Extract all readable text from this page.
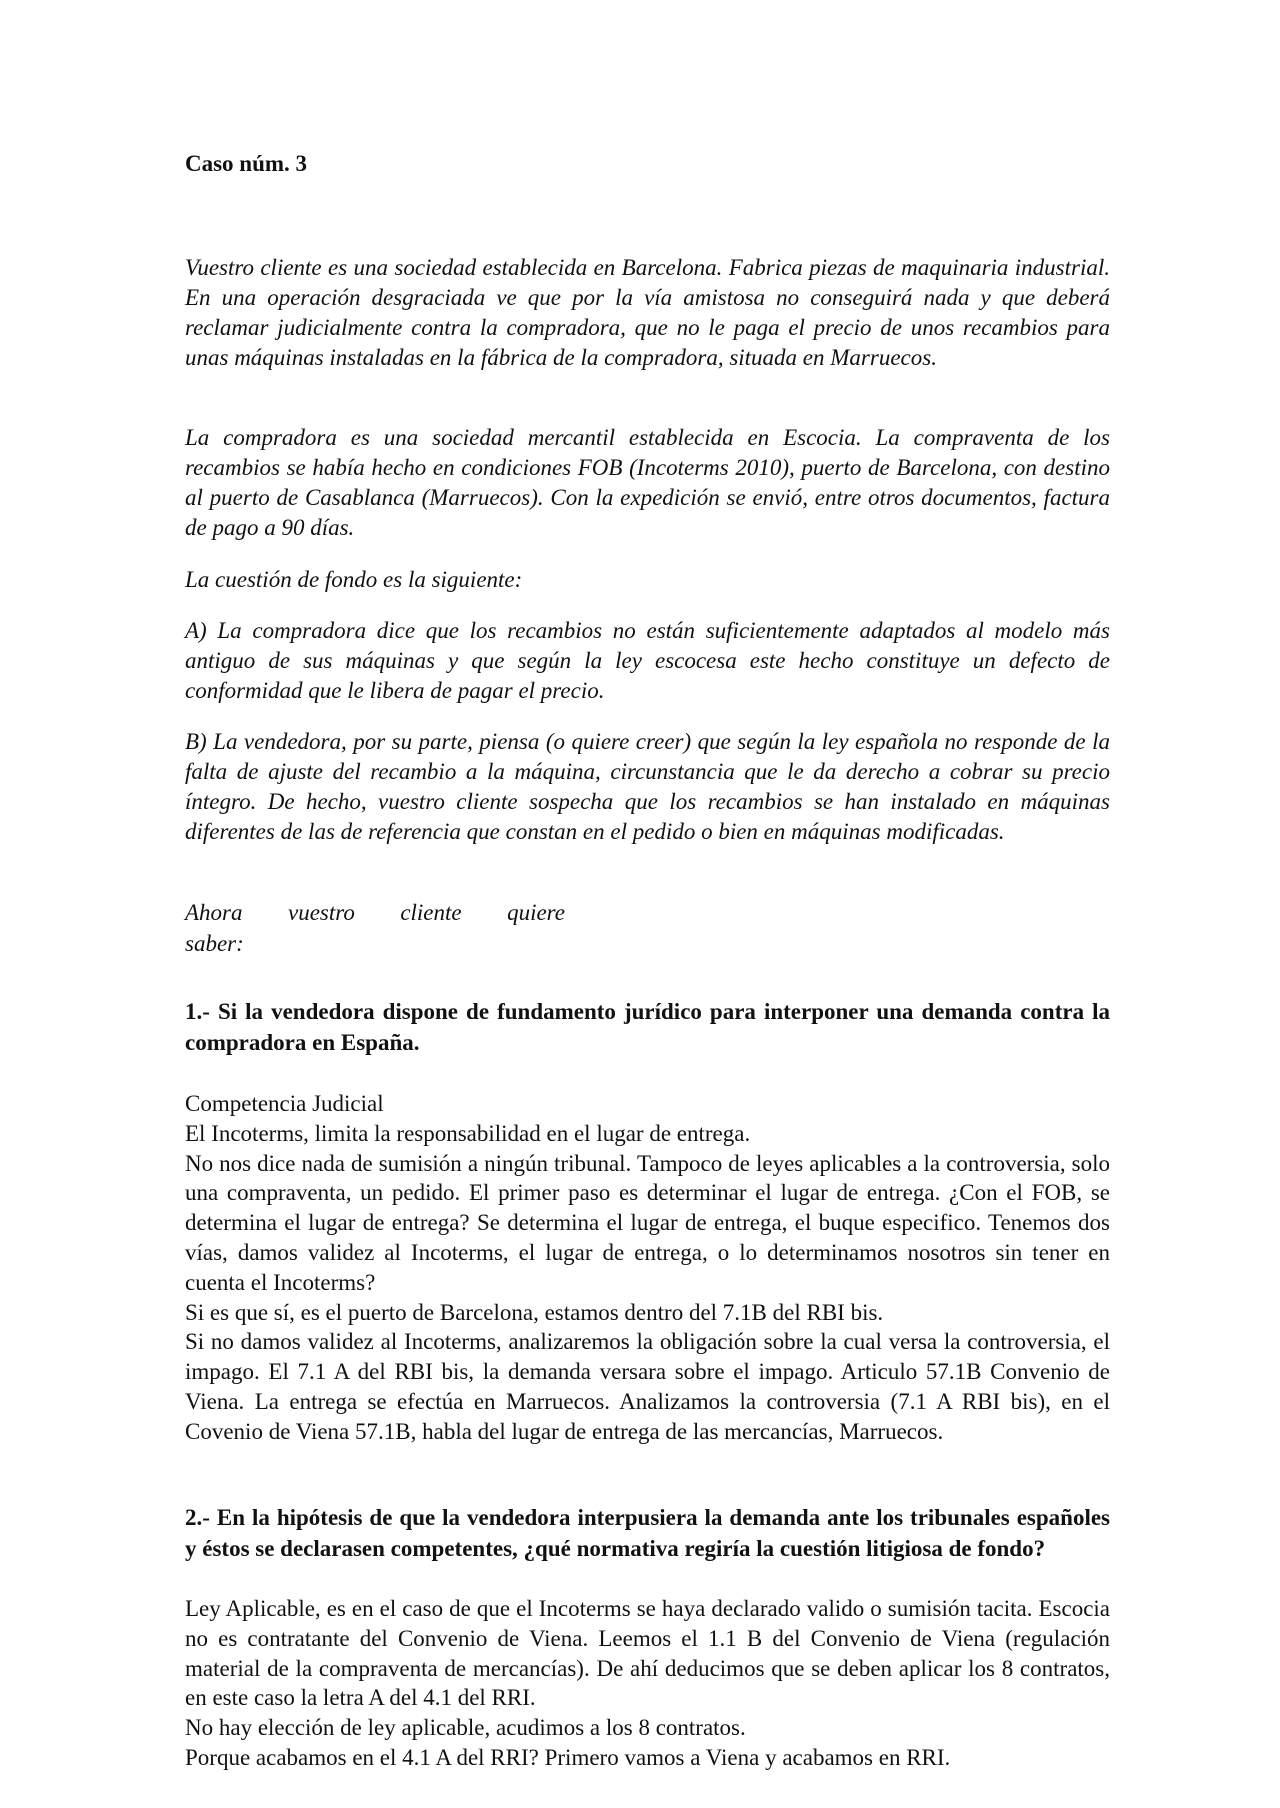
Caso núm. 3

Vuestro cliente es una sociedad establecida en Barcelona. Fabrica piezas de maquinaria industrial. En una operación desgraciada ve que por la vía amistosa no conseguirá nada y que deberá reclamar judicialmente contra la compradora, que no le paga el precio de unos recambios para unas máquinas instaladas en la fábrica de la compradora, situada en Marruecos.

La compradora es una sociedad mercantil establecida en Escocia. La compraventa de los recambios se había hecho en condiciones FOB (Incoterms 2010), puerto de Barcelona, con destino al puerto de Casablanca (Marruecos). Con la expedición se envió, entre otros documentos, factura de pago a 90 días.

La cuestión de fondo es la siguiente:

A) La compradora dice que los recambios no están suficientemente adaptados al modelo más antiguo de sus máquinas y que según la ley escocesa este hecho constituye un defecto de conformidad que le libera de pagar el precio.

B) La vendedora, por su parte, piensa (o quiere creer) que según la ley española no responde de la falta de ajuste del recambio a la máquina, circunstancia que le da derecho a cobrar su precio íntegro. De hecho, vuestro cliente sospecha que los recambios se han instalado en máquinas diferentes de las de referencia que constan en el pedido o bien en máquinas modificadas.

Ahora vuestro cliente quiere
saber:

1.- Si la vendedora dispone de fundamento jurídico para interponer una demanda contra la compradora en España.

Competencia Judicial
El Incoterms, limita la responsabilidad en el lugar de entrega.
No nos dice nada de sumisión a ningún tribunal. Tampoco de leyes aplicables a la controversia, solo una compraventa, un pedido. El primer paso es determinar el lugar de entrega. ¿Con el FOB, se determina el lugar de entrega? Se determina el lugar de entrega, el buque especifico. Tenemos dos vías, damos validez al Incoterms, el lugar de entrega, o lo determinamos nosotros sin tener en cuenta el Incoterms?
Si es que sí, es el puerto de Barcelona, estamos dentro del 7.1B del RBI bis.
Si no damos validez al Incoterms, analizaremos la obligación sobre la cual versa la controversia, el impago. El 7.1 A del RBI bis, la demanda versara sobre el impago. Articulo 57.1B Convenio de Viena. La entrega se efectúa en Marruecos. Analizamos la controversia (7.1 A RBI bis), en el Covenio de Viena 57.1B, habla del lugar de entrega de las mercancías, Marruecos.

2.- En la hipótesis de que la vendedora interpusiera la demanda ante los tribunales españoles y éstos se declarasen competentes, ¿qué normativa regiría la cuestión litigiosa de fondo?

Ley Aplicable, es en el caso de que el Incoterms se haya declarado valido o sumisión tacita. Escocia no es contratante del Convenio de Viena. Leemos el 1.1 B del Convenio de Viena (regulación material de la compraventa de mercancías). De ahí deducimos que se deben aplicar los 8 contratos, en este caso la letra A del 4.1 del RRI.
No hay elección de ley aplicable, acudimos a los 8 contratos.
Porque acabamos en el 4.1 A del RRI? Primero vamos a Viena y acabamos en RRI.
